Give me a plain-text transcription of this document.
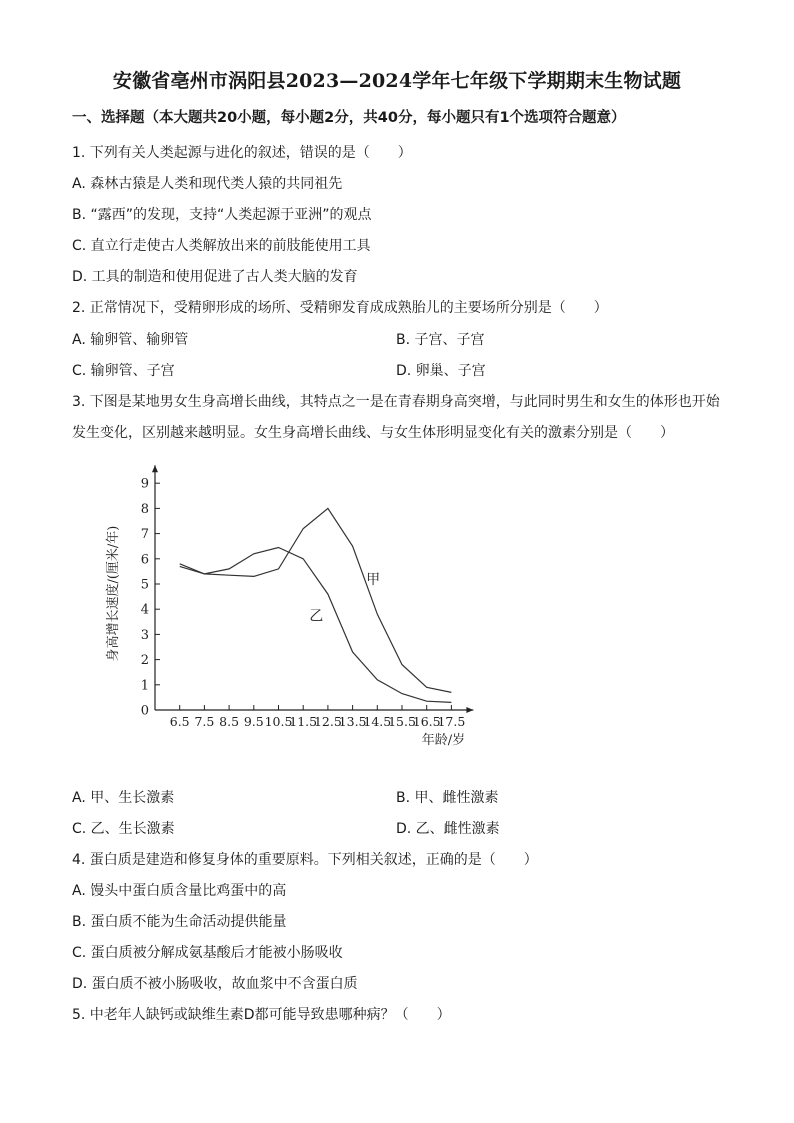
安徽省亳州市涡阳县2023—2024学年七年级下学期期末生物试题
一、选择题（本大题共20小题，每小题2分，共40分，每小题只有1个选项符合题意）
1. 下列有关人类起源与进化的叙述，错误的是（　　）
A. 森林古猿是人类和现代类人猿的共同祖先
B. “露西”的发现，支持“人类起源于亚洲”的观点
C. 直立行走使古人类解放出来的前肢能使用工具
D. 工具的制造和使用促进了古人类大脑的发育
2. 正常情况下，受精卵形成的场所、受精卵发育成成熟胎儿的主要场所分别是（　　）
A. 输卵管、输卵管	B. 子宫、子宫
C. 输卵管、子宫	D. 卵巢、子宫
3. 下图是某地男女生身高增长曲线，其特点之一是在青春期身高突增，与此同时男生和女生的体形也开始
发生变化，区别越来越明显。女生身高增长曲线、与女生体形明显变化有关的激素分别是（　　）
0
1
2
3
4
5
6
7
8
9
6.5 7.5 8.5 9.5 10.5
11.5
12.5
13.5
14.5
15.5
16.5
17.5
年龄/岁
身高增长速度/(厘米/年)	甲
乙
A. 甲、生长激素	B. 甲、雌性激素
C. 乙、生长激素	D. 乙、雌性激素
4. 蛋白质是建造和修复身体的重要原料。下列相关叙述，正确的是（　　）
A. 馒头中蛋白质含量比鸡蛋中的高
B. 蛋白质不能为生命活动提供能量
C. 蛋白质被分解成氨基酸后才能被小肠吸收
D. 蛋白质不被小肠吸收，故血浆中不含蛋白质
5. 中老年人缺钙或缺维生素D都可能导致患哪种病？（　　）
